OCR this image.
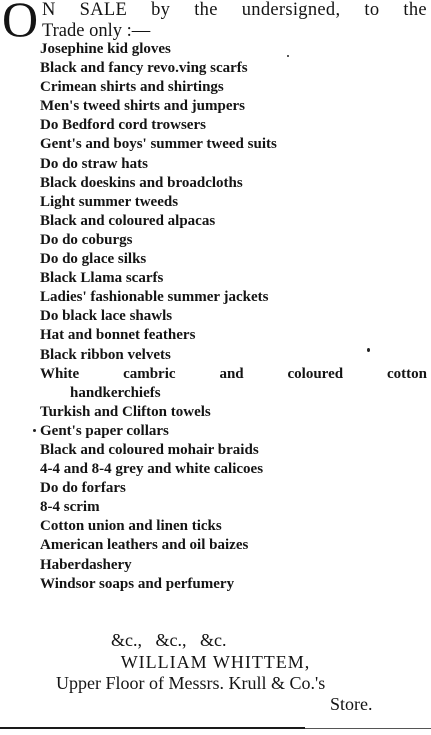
O N SALE by the undersigned, to the
Trade only :—
Josephine kid gloves
Black and fancy revo.ving scarfs
Crimean shirts and shirtings
Men's tweed shirts and jumpers
Do Bedford cord trowsers
Gent's and boys' summer tweed suits
Do do straw hats
Black doeskins and broadcloths
Light summer tweeds
Black and coloured alpacas
Do do coburgs
Do do glace silks
Black Llama scarfs
Ladies' fashionable summer jackets
Do black lace shawls
Hat and bonnet feathers
Black ribbon velvets
White	cambric	and	coloured	cotton
handkerchiefs
Turkish and Clifton towels
Gent's paper collars
Black and coloured mohair braids
4-4 and 8-4 grey and white calicoes
Do do forfars
8-4 scrim
Cotton union and linen ticks
American leathers and oil baizes
Haberdashery
Windsor soaps and perfumery
&c.,   &c.,   &c.
WILLIAM WHITTEM,
Upper Floor of Messrs. Krull & Co.'s
Store.
